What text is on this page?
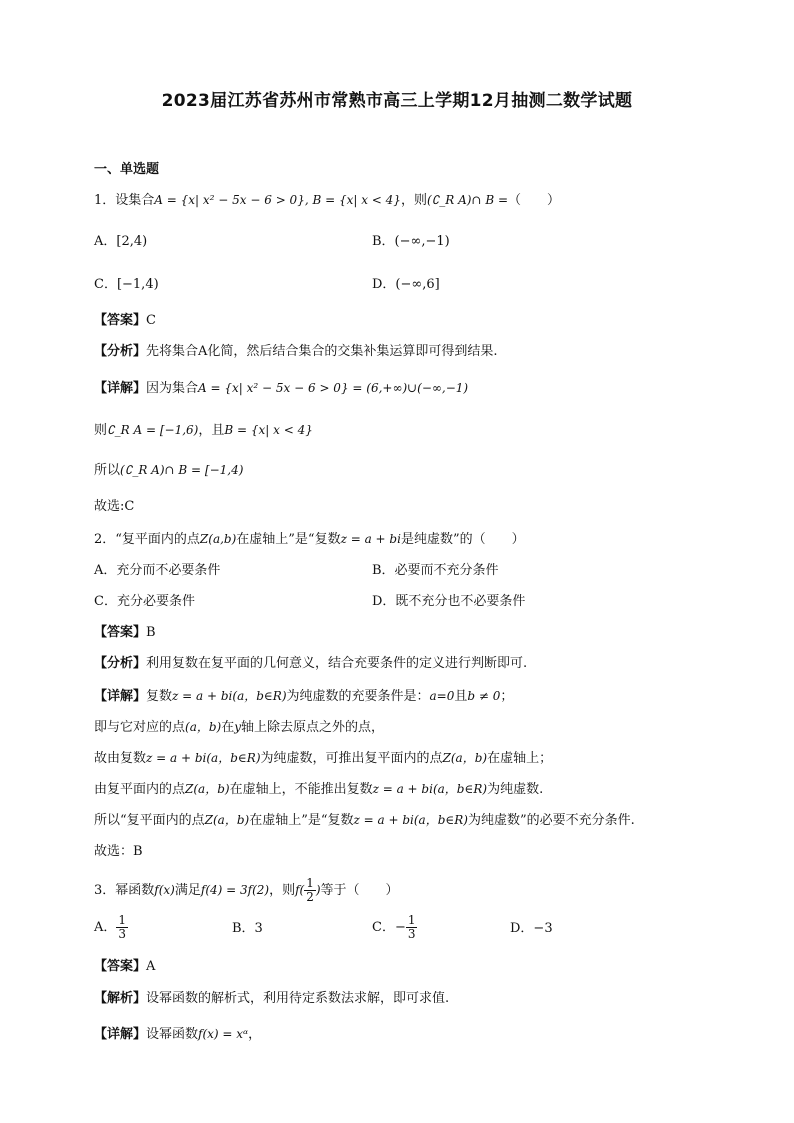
2023届江苏省苏州市常熟市高三上学期12月抽测二数学试题
一、单选题
1．设集合A = {x| x² − 5x − 6 > 0}, B = {x| x < 4}，则(∁_R A)∩ B =（　　）
A．[2,4)	B．(−∞,−1)
C．[−1,4)	D．(−∞,6]
【答案】C
【分析】先将集合A化简，然后结合集合的交集补集运算即可得到结果.
【详解】因为集合A = {x| x² − 5x − 6 > 0} = (6,+∞)∪(−∞,−1)
则∁_R A = [−1,6)，且B = {x| x < 4}
所以(∁_R A)∩ B = [−1,4)
故选:C
2．“复平面内的点Z(a,b)在虚轴上”是“复数z = a + bi是纯虚数”的（　　）
A．充分而不必要条件	B．必要而不充分条件
C．充分必要条件	D．既不充分也不必要条件
【答案】B
【分析】利用复数在复平面的几何意义，结合充要条件的定义进行判断即可.
【详解】复数z = a + bi(a，b∈R)为纯虚数的充要条件是：a=0且b ≠ 0；
即与它对应的点(a，b)在y轴上除去原点之外的点，
故由复数z = a + bi(a，b∈R)为纯虚数，可推出复平面内的点Z(a，b)在虚轴上；
由复平面内的点Z(a，b)在虚轴上，不能推出复数z = a + bi(a，b∈R)为纯虚数.
所以“复平面内的点Z(a，b)在虚轴上”是“复数z = a + bi(a，b∈R)为纯虚数”的必要不充分条件.
故选：B
3．幂函数f(x)满足f(4) = 3f(2)，则$f( \frac{1}{2}$ )等于（　　）
A． $\frac{1}{3}$	B．3	C．− $\frac{1}{3}$	D．−3
【答案】A
【解析】设幂函数的解析式，利用待定系数法求解，即可求值.
【详解】设幂函数f(x) = xᵅ，
